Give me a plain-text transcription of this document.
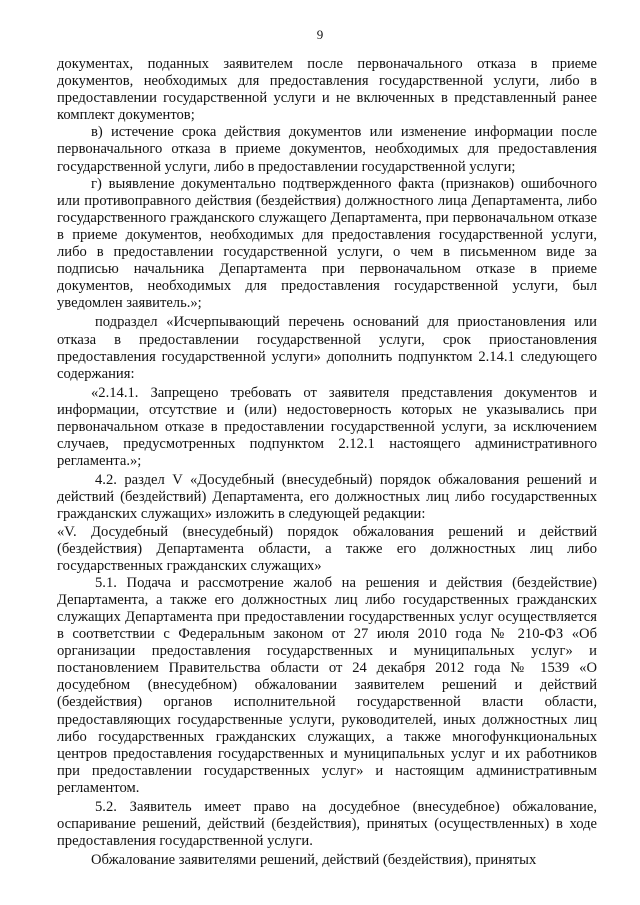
9

документах, поданных заявителем после первоначального отказа в приеме документов, необходимых для предоставления государственной услуги, либо в предоставлении государственной услуги и не включенных в представленный ранее комплект документов;

в) истечение срока действия документов или изменение информации после первоначального отказа в приеме документов, необходимых для предоставления государственной услуги, либо в предоставлении государственной услуги;

г) выявление документально подтвержденного факта (признаков) ошибочного или противоправного действия (бездействия) должностного лица Департамента, либо государственного гражданского служащего Департамента, при первоначальном отказе в приеме документов, необходимых для предоставления государственной услуги, либо в предоставлении государственной услуги, о чем в письменном виде за подписью начальника Департамента при первоначальном отказе в приеме документов, необходимых для предоставления государственной услуги, был уведомлен заявитель.»;

подраздел «Исчерпывающий перечень оснований для приостановления или отказа в предоставлении государственной услуги, срок приостановления предоставления государственной услуги» дополнить подпунктом 2.14.1 следующего содержания:

«2.14.1. Запрещено требовать от заявителя представления документов и информации, отсутствие и (или) недостоверность которых не указывались при первоначальном отказе в предоставлении государственной услуги, за исключением случаев, предусмотренных подпунктом 2.12.1 настоящего административного регламента.»;

4.2. раздел V «Досудебный (внесудебный) порядок обжалования решений и действий (бездействий) Департамента, его должностных лиц либо государственных гражданских служащих» изложить в следующей редакции:

«V. Досудебный (внесудебный) порядок обжалования решений и действий (бездействия) Департамента области, а также его должностных лиц либо государственных гражданских служащих»

5.1. Подача и рассмотрение жалоб на решения и действия (бездействие) Департамента, а также его должностных лиц либо государственных гражданских служащих Департамента при предоставлении государственных услуг осуществляется в соответствии с Федеральным законом от 27 июля 2010 года № 210-ФЗ «Об организации предоставления государственных и муниципальных услуг» и постановлением Правительства области от 24 декабря 2012 года № 1539 «О досудебном (внесудебном) обжаловании заявителем решений и действий (бездействия) органов исполнительной государственной власти области, предоставляющих государственные услуги, руководителей, иных должностных лиц либо государственных гражданских служащих, а также многофункциональных центров предоставления государственных и муниципальных услуг и их работников при предоставлении государственных услуг» и настоящим административным регламентом.

5.2. Заявитель имеет право на досудебное (внесудебное) обжалование, оспаривание решений, действий (бездействия), принятых (осуществленных) в ходе предоставления государственной услуги.

Обжалование заявителями решений, действий (бездействия), принятых
